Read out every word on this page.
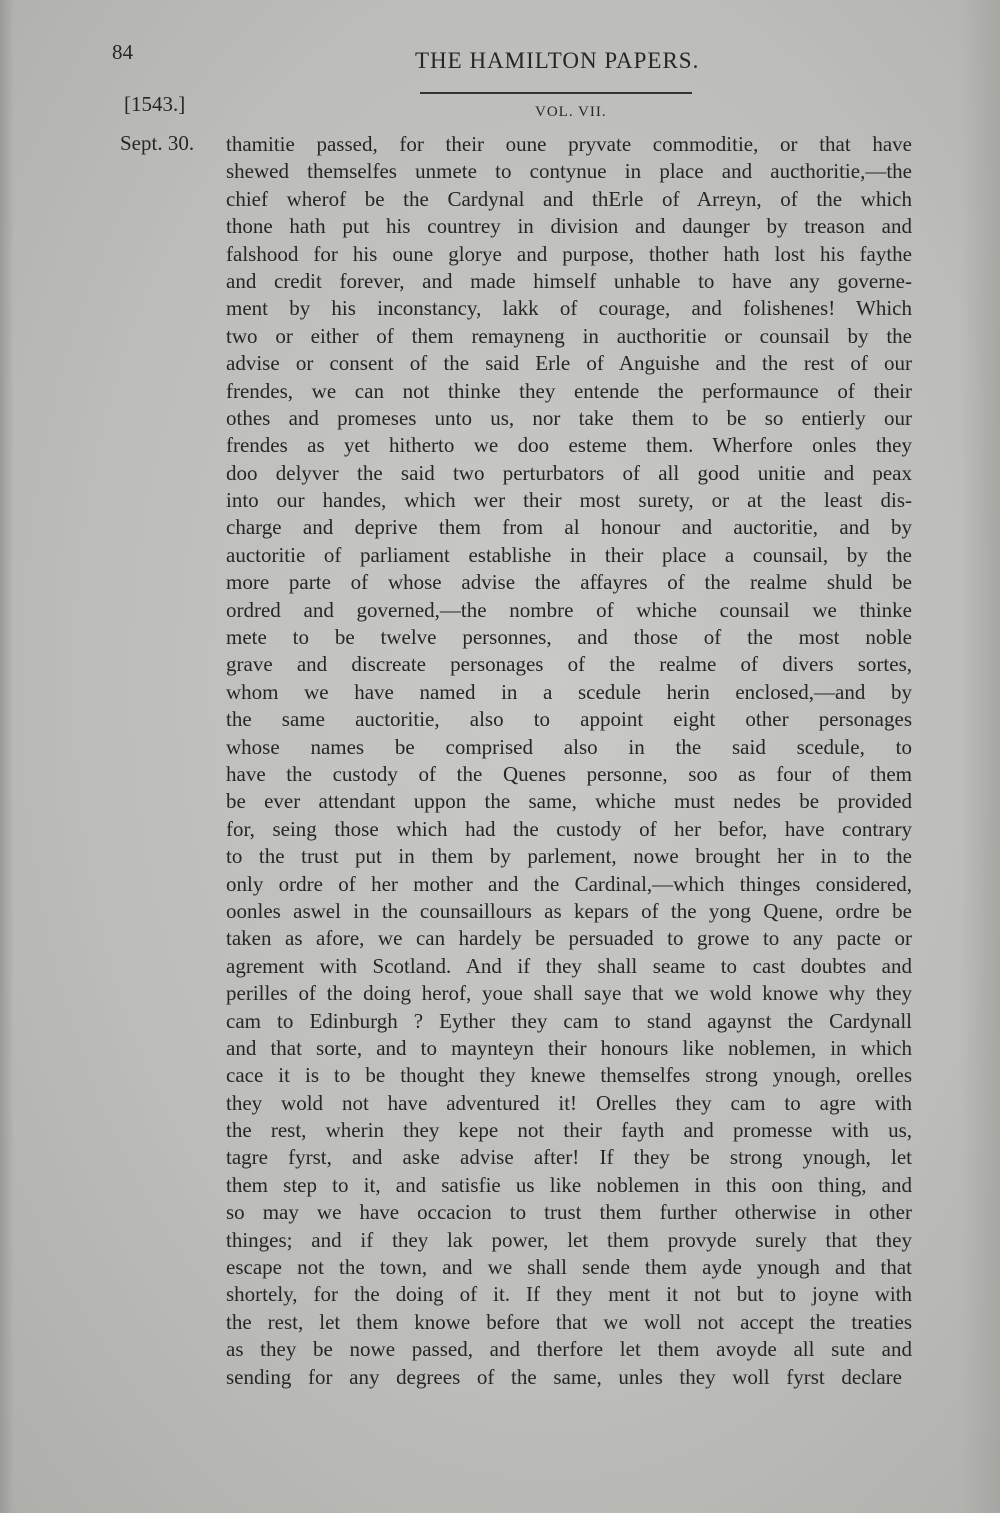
84	THE HAMILTON PAPERS.
[1543.]	VOL. VII.
Sept. 30. thamitie passed, for their oune pryvate commoditie, or that have
shewed themselfes unmete to contynue in place and aucthoritie,—the
chief wherof be the Cardynal and thErle of Arreyn, of the which
thone hath put his countrey in division and daunger by treason and
falshood for his oune glorye and purpose, thother hath lost his faythe
and credit forever, and made himself unhable to have any governe-
ment by his inconstancy, lakk of courage, and folishenes! Which
two or either of them remayneng in aucthoritie or counsail by the
advise or consent of the said Erle of Anguishe and the rest of our
frendes, we can not thinke they entende the performaunce of their
othes and promeses unto us, nor take them to be so entierly our
frendes as yet hitherto we doo esteme them. Wherfore onles they
doo delyver the said two perturbators of all good unitie and peax
into our handes, which wer their most surety, or at the least dis-
charge and deprive them from al honour and auctoritie, and by
auctoritie of parliament establishe in their place a counsail, by the
more parte of whose advise the affayres of the realme shuld be
ordred and governed,—the nombre of whiche counsail we thinke
mete to be twelve personnes, and those of the most noble
grave and discreate personages of the realme of divers sortes,
whom we have named in a scedule herin enclosed,—and by
the same auctoritie, also to appoint eight other personages
whose names be comprised also in the said scedule, to
have the custody of the Quenes personne, soo as four of them
be ever attendant uppon the same, whiche must nedes be provided
for, seing those which had the custody of her befor, have contrary
to the trust put in them by parlement, nowe brought her in to the
only ordre of her mother and the Cardinal,—which thinges considered,
oonles aswel in the counsaillours as kepars of the yong Quene, ordre be
taken as afore, we can hardely be persuaded to growe to any pacte or
agrement with Scotland. And if they shall seame to cast doubtes and
perilles of the doing herof, youe shall saye that we wold knowe why they
cam to Edinburgh ? Eyther they cam to stand agaynst the Cardynall
and that sorte, and to maynteyn their honours like noblemen, in which
cace it is to be thought they knewe themselfes strong ynough, orelles
they wold not have adventured it! Orelles they cam to agre with
the rest, wherin they kepe not their fayth and promesse with us,
tagre fyrst, and aske advise after! If they be strong ynough, let
them step to it, and satisfie us like noblemen in this oon thing, and
so may we have occacion to trust them further otherwise in other
thinges; and if they lak power, let them provyde surely that they
escape not the town, and we shall sende them ayde ynough and that
shortely, for the doing of it. If they ment it not but to joyne with
the rest, let them knowe before that we woll not accept the treaties
as they be nowe passed, and therfore let them avoyde all sute and
sending for any degrees of the same, unles they woll fyrst declare
